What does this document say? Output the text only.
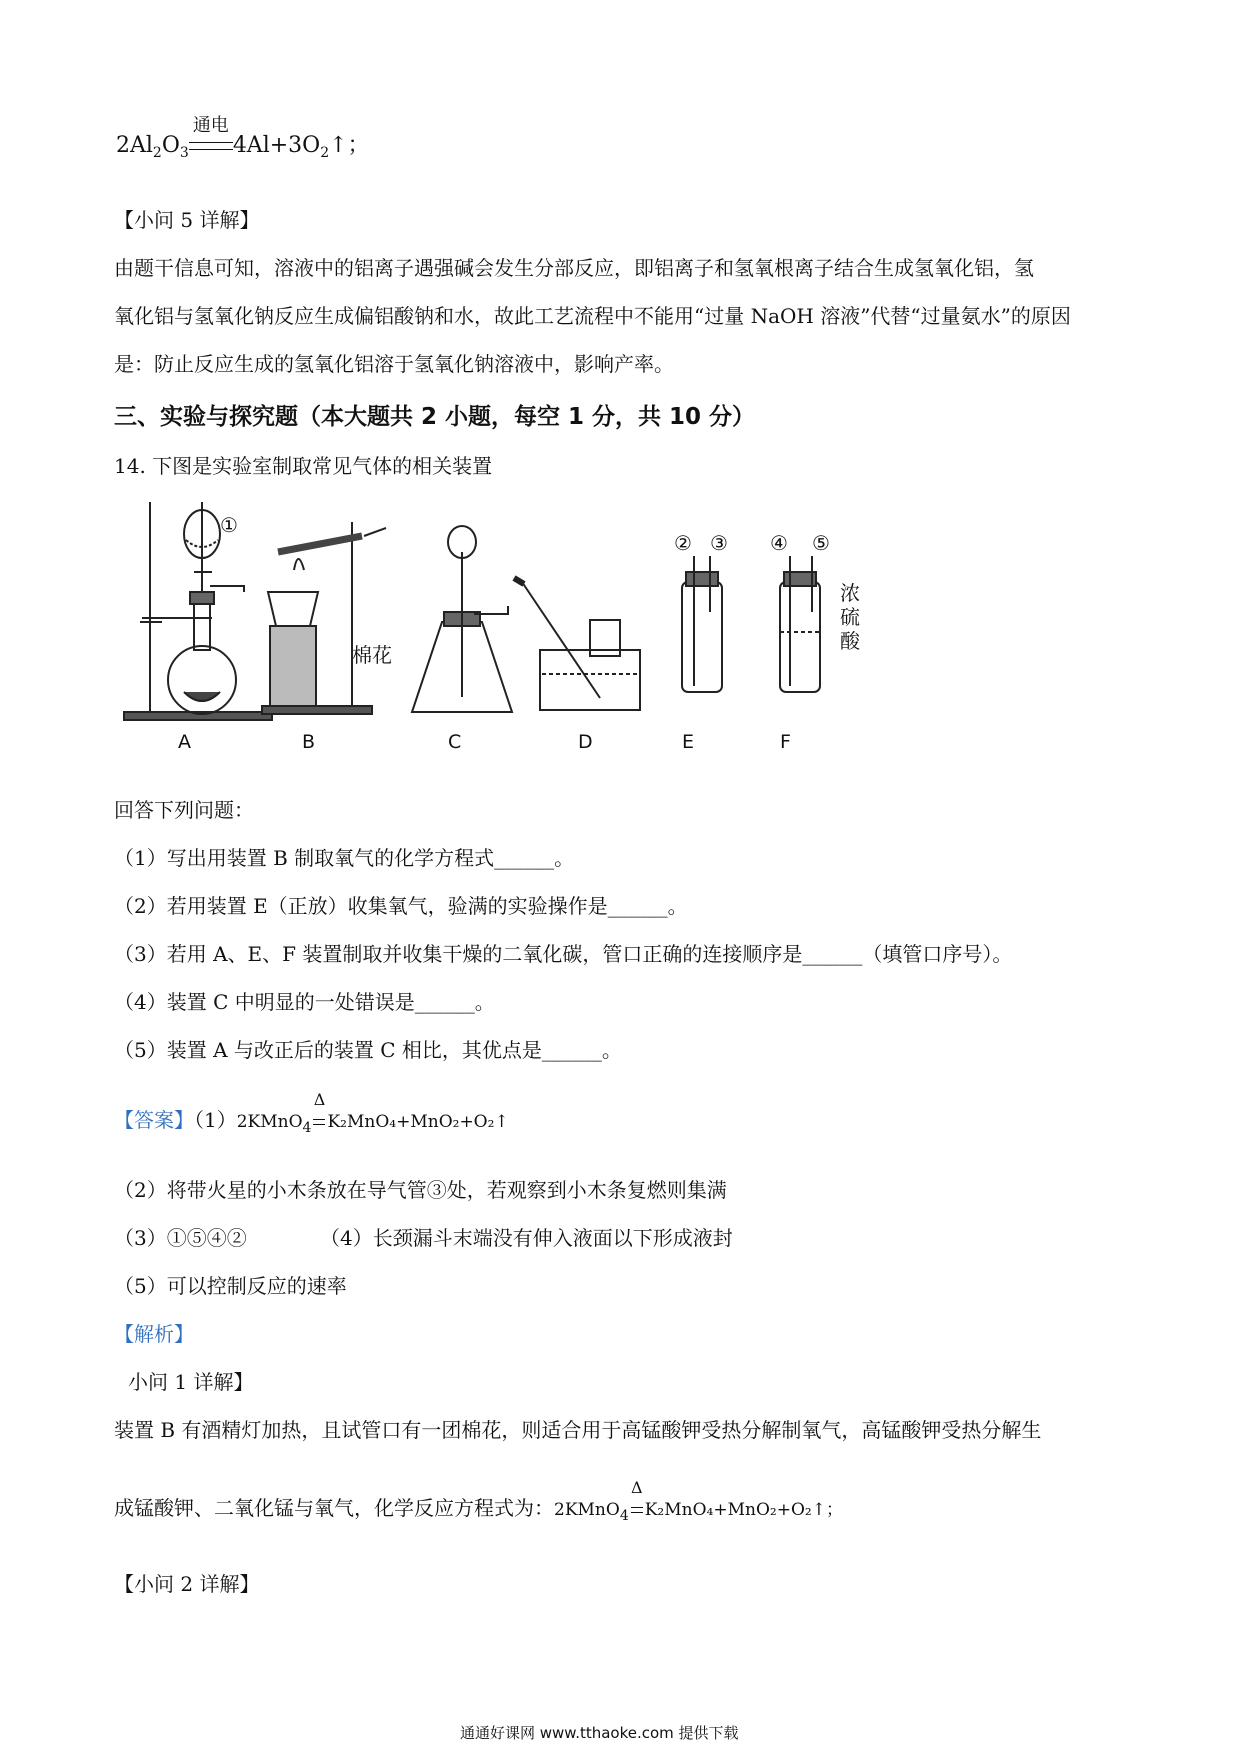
$2Al_2O_3$
通电
$4Al+3O_2↑$；
【小问 5 详解】
由题干信息可知，溶液中的铝离子遇强碱会发生分部反应，即铝离子和氢氧根离子结合生成氢氧化铝，氢
氧化铝与氢氧化钠反应生成偏铝酸钠和水，故此工艺流程中不能用“过量 NaOH 溶液”代替“过量氨水”的原因
是：防止反应生成的氢氧化铝溶于氢氧化钠溶液中，影响产率。
三、实验与探究题（本大题共 2 小题，每空 1 分，共 10 分）
14. 下图是实验室制取常见气体的相关装置
①
② ③ ④ ⑤
棉花
浓
硫
酸
A	B	C	D	E	F
回答下列问题：
（1）写出用装置 B 制取氧气的化学方程式______。
（2）若用装置 E（正放）收集氧气，验满的实验操作是______。
（3）若用 A、E、F 装置制取并收集干燥的二氧化碳，管口正确的连接顺序是______（填管口序号）。
（4）装置 C 中明显的一处错误是______。
（5）装置 A 与改正后的装置 C 相比，其优点是______。
【答案】（1）2KMnO$_4$
Δ
K₂MnO₄+MnO₂+O₂↑
（2）将带火星的小木条放在导气管③处，若观察到小木条复燃则集满
（3）①⑤④②	（4）长颈漏斗末端没有伸入液面以下形成液封
（5）可以控制反应的速率
【解析】
小问 1 详解】
装置 B 有酒精灯加热，且试管口有一团棉花，则适合用于高锰酸钾受热分解制氧气，高锰酸钾受热分解生
成锰酸钾、二氧化锰与氧气，化学反应方程式为：2KMnO$_4$
Δ
K₂MnO₄+MnO₂+O₂↑；
【小问 2 详解】
通通好课网 www.tthaoke.com 提供下载
